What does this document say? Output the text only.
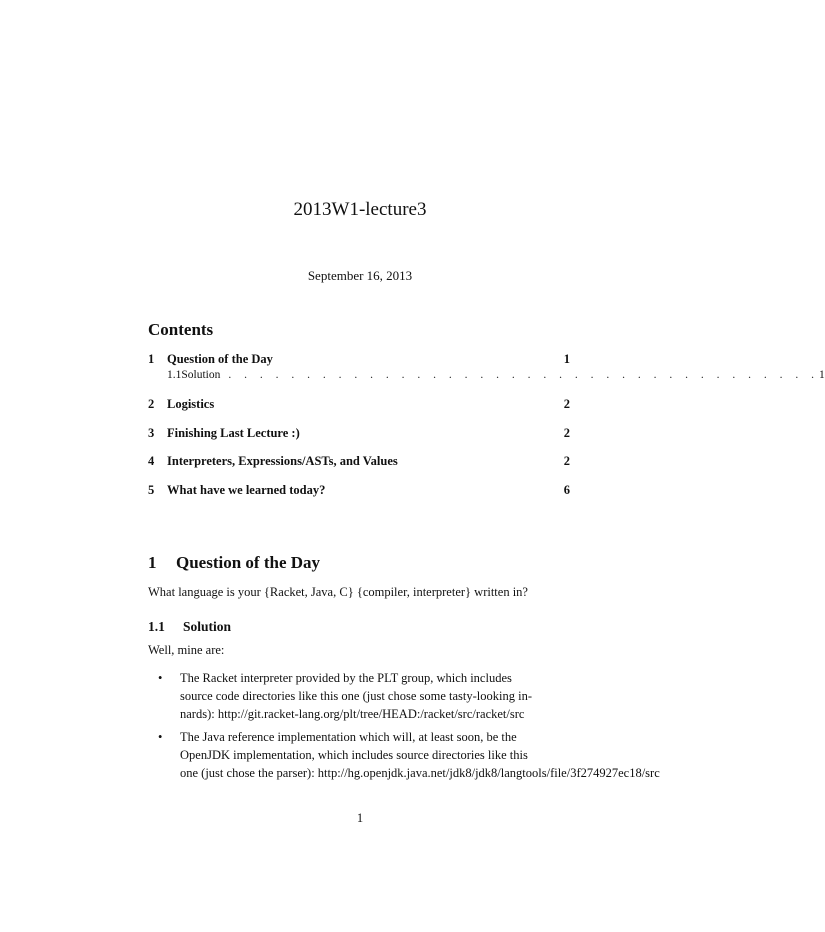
2013W1-lecture3
September 16, 2013
Contents
1	Question of the Day	1
1.1 Solution . . . . . . . . . . . . . . . . . . . . . . . . . . . . . . . . . . . . . . 1
2	Logistics	2
3	Finishing Last Lecture :)	2
4	Interpreters, Expressions/ASTs, and Values	2
5	What have we learned today?	6
1 Question of the Day
What language is your {Racket, Java, C} {compiler, interpreter} written in?
1.1 Solution
Well, mine are:
• The Racket interpreter provided by the PLT group, which includes
source code directories like this one (just chose some tasty-looking in-
nards): http://git.racket-lang.org/plt/tree/HEAD:/racket/src/racket/src
• The Java reference implementation which will, at least soon, be the
OpenJDK implementation, which includes source directories like this
one (just chose the parser): http://hg.openjdk.java.net/jdk8/jdk8/langtools/file/3f274927ec18/src
1
